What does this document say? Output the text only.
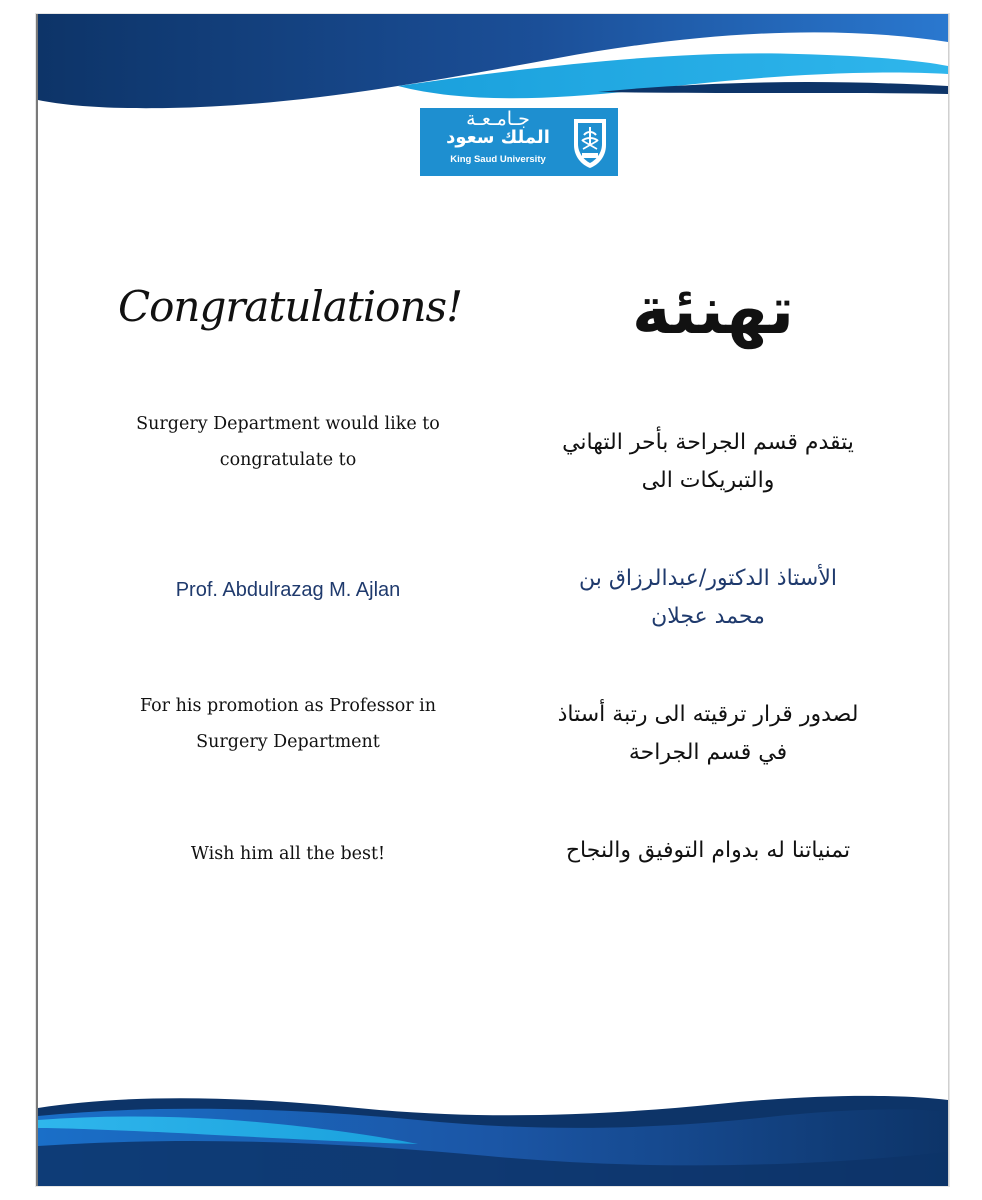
جـامـعـة
الملك سعود
King Saud University
Congratulations!	تهنئة
Surgery Department would like to
congratulate to
يتقدم قسم الجراحة بأحر التهاني
والتبريكات الى
Prof. Abdulrazag M. Ajlan	الأستاذ الدكتور/عبدالرزاق بن
محمد عجلان
For his promotion as Professor in
Surgery Department
لصدور قرار ترقيته الى رتبة أستاذ
في قسم الجراحة
Wish him all the best!	تمنياتنا له بدوام التوفيق والنجاح
